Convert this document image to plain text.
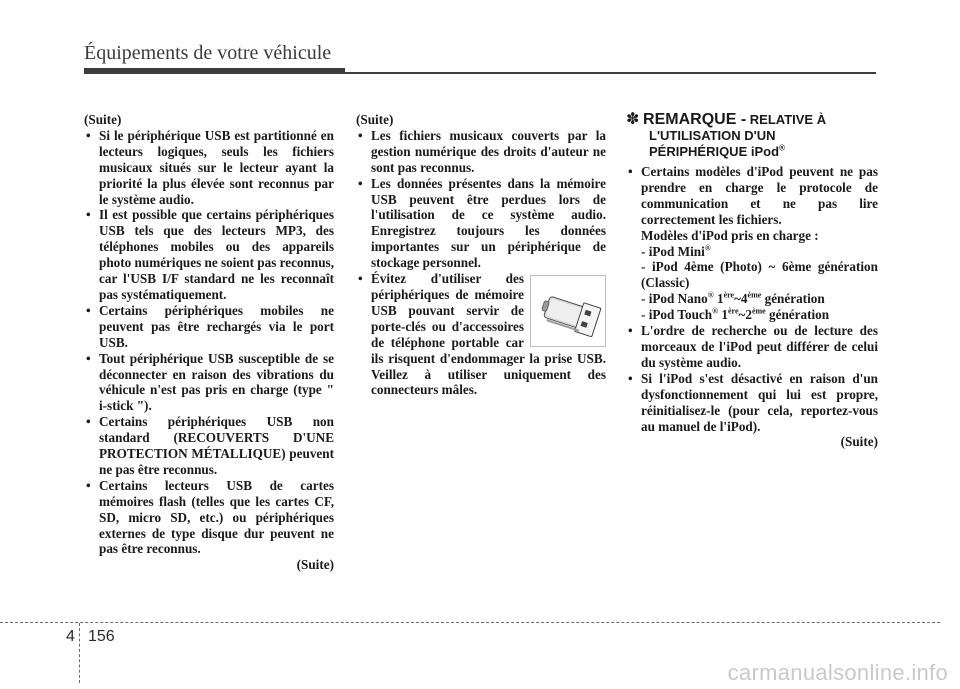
Équipements de votre véhicule

(Suite)

• Si le périphérique USB est partitionné en lecteurs logiques, seuls les fichiers musicaux situés sur le lecteur ayant la priorité la plus élevée sont reconnus par le système audio.
• Il est possible que certains périphériques USB tels que des lecteurs MP3, des téléphones mobiles ou des appareils photo numériques ne soient pas reconnus, car l'USB I/F standard ne les reconnaît pas systématiquement.
• Certains périphériques mobiles ne peuvent pas être rechargés via le port USB.
• Tout périphérique USB susceptible de se déconnecter en raison des vibrations du véhicule n'est pas pris en charge (type " i-stick ").
• Certains périphériques USB non standard (RECOUVERTS D'UNE PROTECTION MÉTALLIQUE) peuvent ne pas être reconnus.
• Certains lecteurs USB de cartes mémoires flash (telles que les cartes CF, SD, micro SD, etc.) ou périphériques externes de type disque dur peuvent ne pas être reconnus.

(Suite)

(Suite)

• Les fichiers musicaux couverts par la gestion numérique des droits d'auteur ne sont pas reconnus.
• Les données présentes dans la mémoire USB peuvent être perdues lors de l'utilisation de ce système audio. Enregistrez toujours les données importantes sur un périphérique de stockage personnel.
• Évitez d'utiliser des périphériques de mémoire USB pouvant servir de porte-clés ou d'accessoires de téléphone portable car ils risquent d'endommager la prise USB. Veillez à utiliser uniquement des connecteurs mâles.
✽ REMARQUE - RELATIVE À
L'UTILISATION D'UN
PÉRIPHÉRIQUE iPod®
• Certains modèles d'iPod peuvent ne pas prendre en charge le protocole de communication et ne pas lire correctement les fichiers.
Modèles d'iPod pris en charge :
- iPod Mini®
- iPod 4ème (Photo) ~ 6ème génération (Classic)
- iPod Nano® 1ère~4ème génération
- iPod Touch® 1ère~2ème génération
• L'ordre de recherche ou de lecture des morceaux de l'iPod peut différer de celui du système audio.
• Si l'iPod s'est désactivé en raison d'un dysfonctionnement qui lui est propre, réinitialisez-le (pour cela, reportez-vous au manuel de l'iPod).

(Suite)

4 156
carmanualsonline.info
